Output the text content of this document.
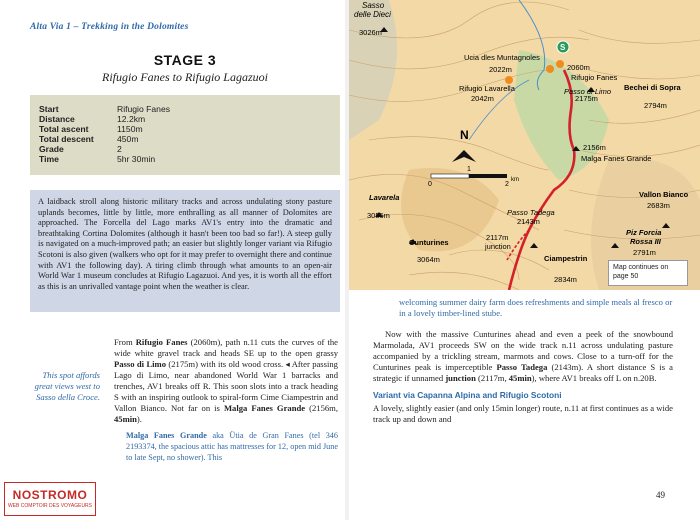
Alta Via 1 – Trekking in the Dolomites
STAGE 3
Rifugio Fanes to Rifugio Lagazuoi
Start	Rifugio Fanes
Distance	12.2km
Total ascent	1150m
Total descent	450m
Grade	2
Time	5hr 30min
A laidback stroll along historic military tracks and across undulating stony pasture uplands becomes, little by little, more enthralling as all manner of Dolomites are approached. The Forcella del Lago marks AV1's entry into the dramatic and breathtaking Cortina Dolomites (although it hasn't been too bad so far!). A steep gully is navigated on a much-improved path; an easier but slightly longer variant via Rifugio Scotoni is also given (walkers who opt for it may prefer to overnight there and continue with AV1 the following day). A tiring climb through what amounts to an open-air World War 1 museum concludes at Rifugio Lagazuoi. And yes, it is worth all the effort as this is an unrivalled vantage point when the weather is clear.
This spot affords great views west to Sasso della Croce.

From Rifugio Fanes (2060m), path n.11 cuts the curves of the wide white gravel track and heads SE up to the open grassy Passo di Limo (2175m) with its old wood cross. ◂ After passing Lago di Limo, near abandoned World War 1 barracks and trenches, AV1 breaks off R. This soon slots into a track heading S with an inspiring outlook to spiral-form Cime Ciampestrin and Vallon Bianco. Not far on is Malga Fanes Grande (2156m, 45min).

Malga Fanes Grande aka Ütia de Gran Fanes (tel 346 2193374, the spacious attic has mattresses for 12, open mid June to late Sept, no shower). This

NOSTROMO
WEB COMPTOIR DES VOYAGEURS
N
0
1
2
km
S
Sasso
delle Dieci
3026m
Ucia dles Muntagnoles
2022m
Rifugio Fanes
2060m
Rifugio Lavarella
2042m
Passo di Limo
2175m
Bechei di Sopra
2794m
2156m
Malga Fanes Grande
Vallon Bianco
2683m
Lavarela
3055m	Passo Tadega
2143m
Piz Forcia
Rossa III
2791m
Cunturines
3064m
2117m
junction
Ciampestrin
2834m
Map continues on page 50

welcoming summer dairy farm does refreshments and simple meals al fresco or in a lovely timber-lined stube.

Now with the massive Cunturines ahead and even a peek of the snowbound Marmolada, AV1 proceeds SW on the wide track n.11 across undulating pasture accompanied by a trickling stream, marmots and cows. Close to a turn-off for the Cunturines peak is imperceptible Passo Tadega (2143m). A short distance S is a strategic if unnamed junction (2117m, 45min), where AV1 breaks off L on n.20B.

Variant via Capanna Alpina and Rifugio Scotoni

A lovely, slightly easier (and only 15min longer) route, n.11 at first continues as a wide track up and down and

49
